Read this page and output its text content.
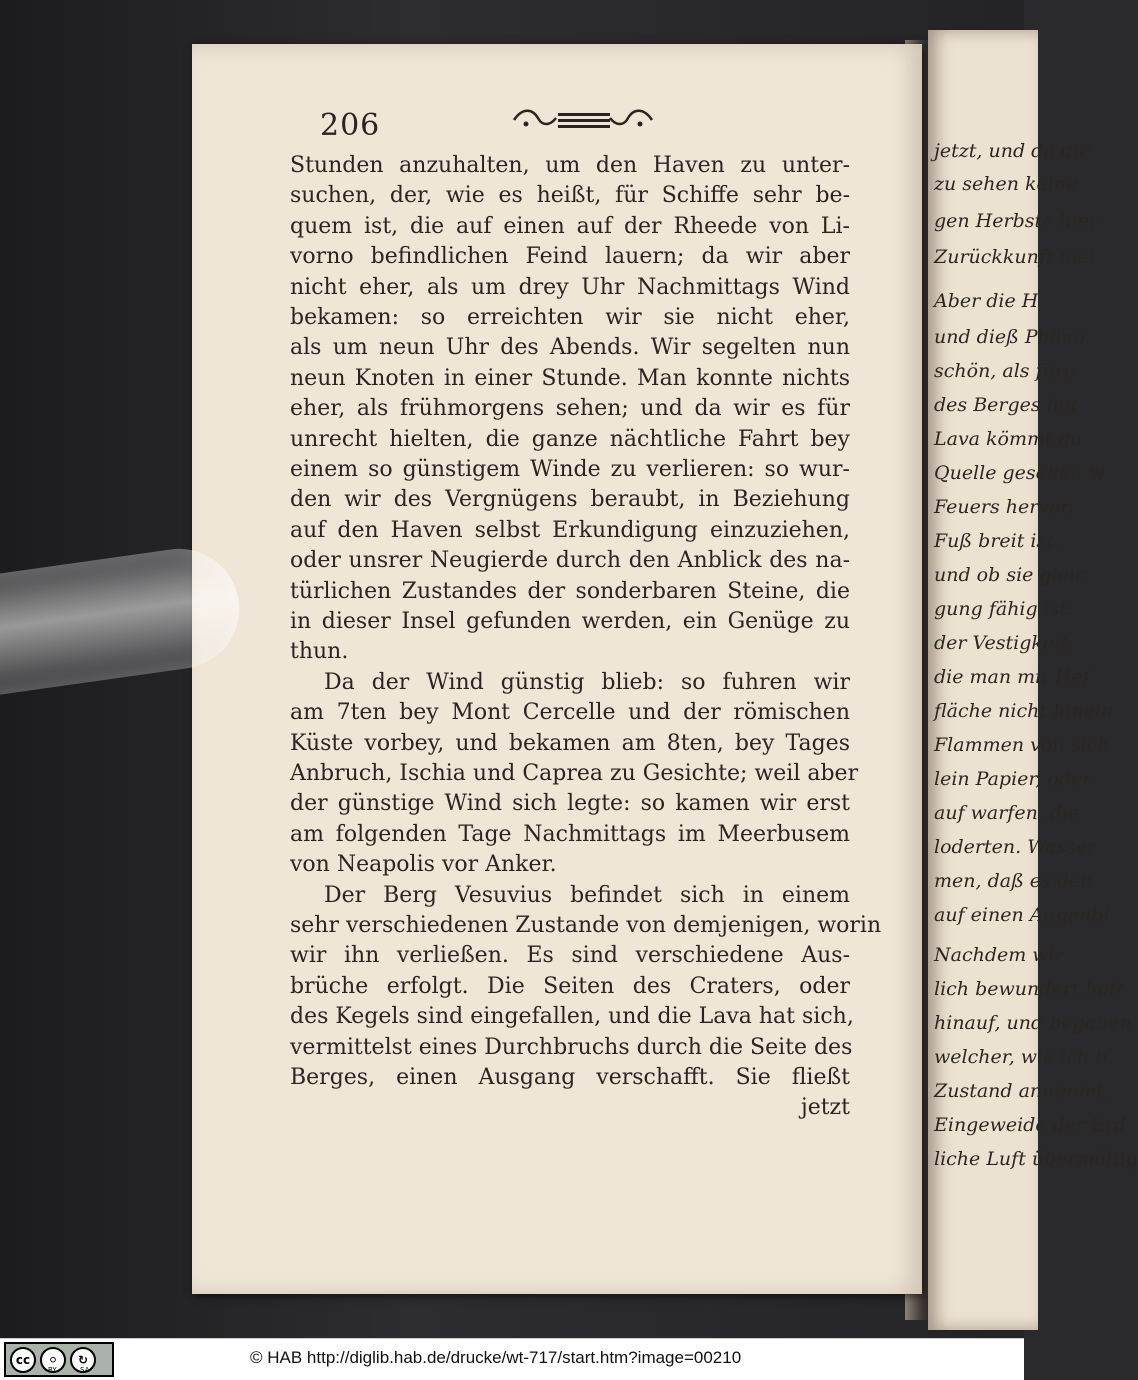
jetzt, und da die
zu sehen keine
gen Herbste hier
Zurückkunft mei
Aber die H
und dieß Phäno
schön, als fürc
des Berges hat
Lava kömmt au
Quelle gesehen w
Feuers hervor,
Fuß breit ist.
und ob sie gleic
gung fähig ist:
der Vestigkeit,
die man mit Hef
fläche nicht hinein
Flammen von sich
lein Papier, oder
auf warfen, die
loderten. Wasser
men, daß es den
auf einen Augenbl
Nachdem wir
lich bewundert hatt
hinauf, und begaben
welcher, wie ich b
Zustand annimmt,
Eingeweide der Erd
liche Luft übermältig
206
Stunden anzuhalten, um den Haven zu unter-
suchen, der, wie es heißt, für Schiffe sehr be-
quem ist, die auf einen auf der Rheede von Li-
vorno befindlichen Feind lauern; da wir aber
nicht eher, als um drey Uhr Nachmittags Wind
bekamen: so erreichten wir sie nicht eher,
als um neun Uhr des Abends. Wir segelten nun
neun Knoten in einer Stunde. Man konnte nichts
eher, als frühmorgens sehen; und da wir es für
unrecht hielten, die ganze nächtliche Fahrt bey
einem so günstigem Winde zu verlieren: so wur-
den wir des Vergnügens beraubt, in Beziehung
auf den Haven selbst Erkundigung einzuziehen,
oder unsrer Neugierde durch den Anblick des na-
türlichen Zustandes der sonderbaren Steine, die
in dieser Insel gefunden werden, ein Genüge zu
thun.
Da der Wind günstig blieb: so fuhren wir
am 7ten bey Mont Cercelle und der römischen
Küste vorbey, und bekamen am 8ten, bey Tages
Anbruch, Ischia und Caprea zu Gesichte; weil aber
der günstige Wind sich legte: so kamen wir erst
am folgenden Tage Nachmittags im Meerbusem
von Neapolis vor Anker.
Der Berg Vesuvius befindet sich in einem
sehr verschiedenen Zustande von demjenigen, worin
wir ihn verließen. Es sind verschiedene Aus-
brüche erfolgt. Die Seiten des Craters, oder
des Kegels sind eingefallen, und die Lava hat sich,
vermittelst eines Durchbruchs durch die Seite des
Berges, einen Ausgang verschafft. Sie fließt
jetzt
cc	⚪	↻
BY	SA
© HAB http://diglib.hab.de/drucke/wt-717/start.htm?image=00210
